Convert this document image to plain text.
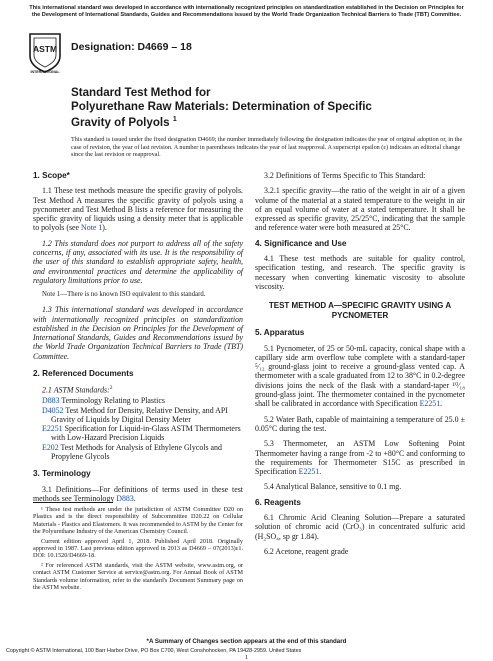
This international standard was developed in accordance with internationally recognized principles on standardization established in the Decision on Principles for the Development of International Standards, Guides and Recommendations issued by the World Trade Organization Technical Barriers to Trade (TBT) Committee.
ASTM
INTERNATIONAL
Designation: D4669 – 18
Standard Test Method for
Polyurethane Raw Materials: Determination of Specific
Gravity of Polyols $^1$
This standard is issued under the fixed designation D4669; the number immediately following the designation indicates the year of original adoption or, in the case of revision, the year of last revision. A number in parentheses indicates the year of last reapproval. A superscript epsilon (ε) indicates an editorial change since the last revision or reapproval.
1. Scope*
1.1 These test methods measure the specific gravity of polyols. Test Method A measures the specific gravity of polyols using a pycnometer and Test Method B lists a reference for measuring the specific gravity of liquids using a density meter that is applicable to polyols (see Note 1).
1.2 This standard does not purport to address all of the safety concerns, if any, associated with its use. It is the responsibility of the user of this standard to establish appropriate safety, health, and environmental practices and determine the applicability of regulatory limitations prior to use.
Note 1—There is no known ISO equivalent to this standard.
1.3 This international standard was developed in accordance with internationally recognized principles on standardization established in the Decision on Principles for the Development of International Standards, Guides and Recommendations issued by the World Trade Organization Technical Barriers to Trade (TBT) Committee.
2. Referenced Documents
2.1 ASTM Standards:$^2$
D883 Terminology Relating to Plastics
D4052 Test Method for Density, Relative Density, and API Gravity of Liquids by Digital Density Meter
E2251 Specification for Liquid-in-Glass ASTM Thermometers with Low-Hazard Precision Liquids
E202 Test Methods for Analysis of Ethylene Glycols and Propylene Glycols
3. Terminology
3.1 Definitions—For definitions of terms used in these test methods see Terminology D883.
¹ These test methods are under the jurisdiction of ASTM Committee D20 on Plastics and is the direct responsibility of Subcommittee D20.22 on Cellular Materials - Plastics and Elastomers. It was recommended to ASTM by the Center for the Polyurethane Industry of the American Chemistry Council.
Current edition approved April 1, 2018. Published April 2018. Originally approved in 1987. Last previous edition approved in 2013 as D4669 – 07(2013)ε1. DOI: 10.1520/D4669-18.
² For referenced ASTM standards, visit the ASTM website, www.astm.org, or contact ASTM Customer Service at service@astm.org. For Annual Book of ASTM Standards volume information, refer to the standard's Document Summary page on the ASTM website.
3.2 Definitions of Terms Specific to This Standard:
3.2.1 specific gravity—the ratio of the weight in air of a given volume of the material at a stated temperature to the weight in air of an equal volume of water at a stated temperature. It shall be expressed as specific gravity, 25/25°C, indicating that the sample and reference water were both measured at 25°C.
4. Significance and Use
4.1 These test methods are suitable for quality control, specification testing, and research. The specific gravity is necessary when converting kinematic viscosity to absolute viscosity.
TEST METHOD A—SPECIFIC GRAVITY USING A PYCNOMETER
5. Apparatus
5.1 Pycnometer, of 25 or 50-mL capacity, conical shape with a capillary side arm overflow tube complete with a standard-taper ⁵⁄₁₂ ground-glass joint to receive a ground-glass vented cap. A thermometer with a scale graduated from 12 to 38°C in 0.2-degree divisions joins the neck of the flask with a standard-taper ¹⁰⁄₁₈ ground-glass joint. The thermometer contained in the pycnometer shall be calibrated in accordance with Specification E2251.
5.2 Water Bath, capable of maintaining a temperature of 25.0 ± 0.05°C during the test.
5.3 Thermometer, an ASTM Low Softening Point Thermometer having a range from -2 to +80°C and conforming to the requirements for Thermometer S15C as prescribed in Specification E2251.
5.4 Analytical Balance, sensitive to 0.1 mg.
6. Reagents
6.1 Chromic Acid Cleaning Solution—Prepare a saturated solution of chromic acid (CrO₃) in concentrated sulfuric acid (H₂SO₄, sp gr 1.84).
6.2 Acetone, reagent grade
*A Summary of Changes section appears at the end of this standard
Copyright © ASTM International, 100 Barr Harbor Drive, PO Box C700, West Conshohocken, PA 19428-2959. United States
1
